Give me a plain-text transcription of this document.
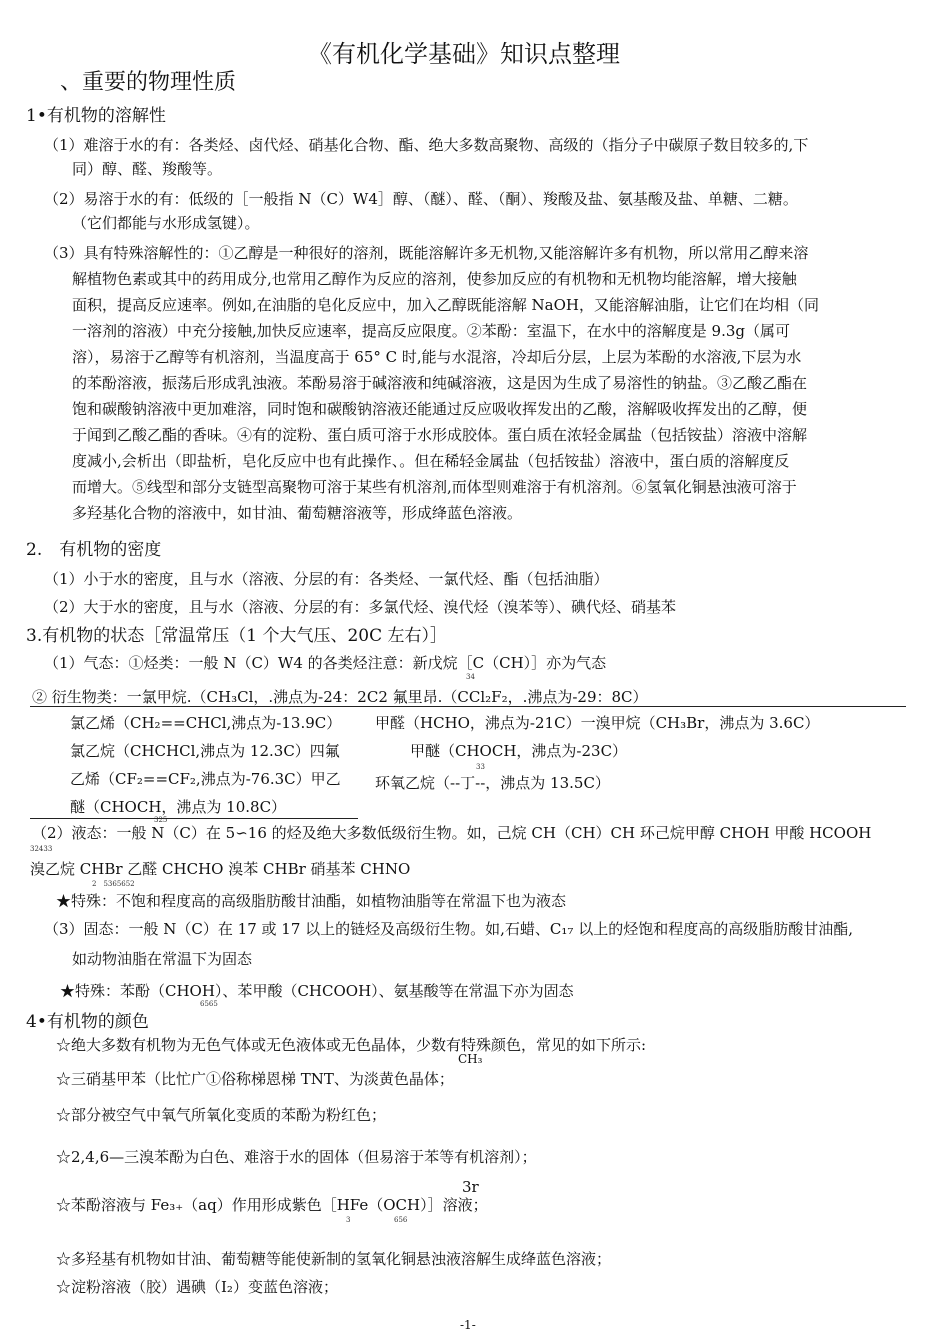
《有机化学基础》知识点整理
、重要的物理性质
1•有机物的溶解性
（1）难溶于水的有：各类烃、卤代烃、硝基化合物、酯、绝大多数高聚物、高级的（指分子中碳原子数目较多的,下
同）醇、醛、羧酸等。
（2）易溶于水的有：低级的［一般指 N（C）W4］醇、（醚）、醛、（酮）、羧酸及盐、氨基酸及盐、单糖、二糖。
（它们都能与水形成氢键）。
（3）具有特殊溶解性的：①乙醇是一种很好的溶剂，既能溶解许多无机物,又能溶解许多有机物，所以常用乙醇来溶
解植物色素或其中的药用成分,也常用乙醇作为反应的溶剂，使参加反应的有机物和无机物均能溶解，增大接触
面积，提高反应速率。例如,在油脂的皂化反应中，加入乙醇既能溶解 NaOH，又能溶解油脂，让它们在均相（同
一溶剂的溶液）中充分接触,加快反应速率，提高反应限度。②苯酚：室温下，在水中的溶解度是 9.3g（属可
溶），易溶于乙醇等有机溶剂，当温度高于 65° C 时,能与水混溶，冷却后分层，上层为苯酚的水溶液,下层为水
的苯酚溶液，振荡后形成乳浊液。苯酚易溶于碱溶液和纯碱溶液，这是因为生成了易溶性的钠盐。③乙酸乙酯在
饱和碳酸钠溶液中更加难溶，同时饱和碳酸钠溶液还能通过反应吸收挥发出的乙酸，溶解吸收挥发出的乙醇，便
于闻到乙酸乙酯的香味。④有的淀粉、蛋白质可溶于水形成胶体。蛋白质在浓轻金属盐（包括铵盐）溶液中溶解
度减小,会析出（即盐析，皂化反应中也有此操作、。但在稀轻金属盐（包括铵盐）溶液中，蛋白质的溶解度反
而增大。⑤线型和部分支链型高聚物可溶于某些有机溶剂,而体型则难溶于有机溶剂。⑥氢氧化铜悬浊液可溶于
多羟基化合物的溶液中，如甘油、葡萄糖溶液等，形成绛蓝色溶液。
2.　有机物的密度
（1）小于水的密度，且与水（溶液、分层的有：各类烃、一氯代烃、酯（包括油脂）
（2）大于水的密度，且与水（溶液、分层的有：多氯代烃、溴代烃（溴苯等）、碘代烃、硝基苯
3.有机物的状态［常温常压（1 个大气压、20C 左右）］
（1）气态：①烃类：一般 N（C）W4 的各类烃注意：新戊烷［C（CH）］亦为气态
34
② 衍生物类：一氯甲烷.（CH₃Cl，.沸点为-24：2C2 氟里昂.（CCl₂F₂，.沸点为-29：8C）
氯乙烯（CH₂==CHCl,沸点为-13.9C）
氯乙烷（CHCHCl,沸点为 12.3C）四氟
乙烯（CF₂==CF₂,沸点为-76.3C）甲乙
醚（CHOCH，沸点为 10.8C）
325
甲醛（HCHO，沸点为-21C）一溴甲烷（CH₃Br，沸点为 3.6C）
甲醚（CHOCH，沸点为-23C）
33
环氧乙烷（--丁--，沸点为 13.5C）
（2）液态：一般 N（C）在 5∽16 的烃及绝大多数低级衍生物。如，己烷 CH（CH）CH 环己烷甲醇 CHOH 甲酸 HCOOH
32433
溴乙烷 CHBr 乙醛 CHCHO 溴苯 CHBr 硝基苯 CHNO
2　5365652
★特殊：不饱和程度高的高级脂肪酸甘油酯，如植物油脂等在常温下也为液态
（3）固态：一般 N（C）在 17 或 17 以上的链烃及高级衍生物。如,石蜡、C₁₇ 以上的烃饱和程度高的高级脂肪酸甘油酯,
如动物油脂在常温下为固态
★特殊：苯酚（CHOH）、苯甲酸（CHCOOH）、氨基酸等在常温下亦为固态
6565
4•有机物的颜色
☆绝大多数有机物为无色气体或无色液体或无色晶体，少数有特殊颜色，常见的如下所示:
CH₃
☆三硝基甲苯（比忙广①俗称梯恩梯 TNT、为淡黄色晶体；
☆部分被空气中氧气所氧化变质的苯酚为粉红色；
☆2,4,6—三溴苯酚为白色、难溶于水的固体（但易溶于苯等有机溶剂）；
3r
☆苯酚溶液与 Fe₃₊（aq）作用形成紫色［HFe（OCH）］溶液；
3	656
☆多羟基有机物如甘油、葡萄糖等能使新制的氢氧化铜悬浊液溶解生成绛蓝色溶液；
☆淀粉溶液（胶）遇碘（I₂）变蓝色溶液；
-1-
